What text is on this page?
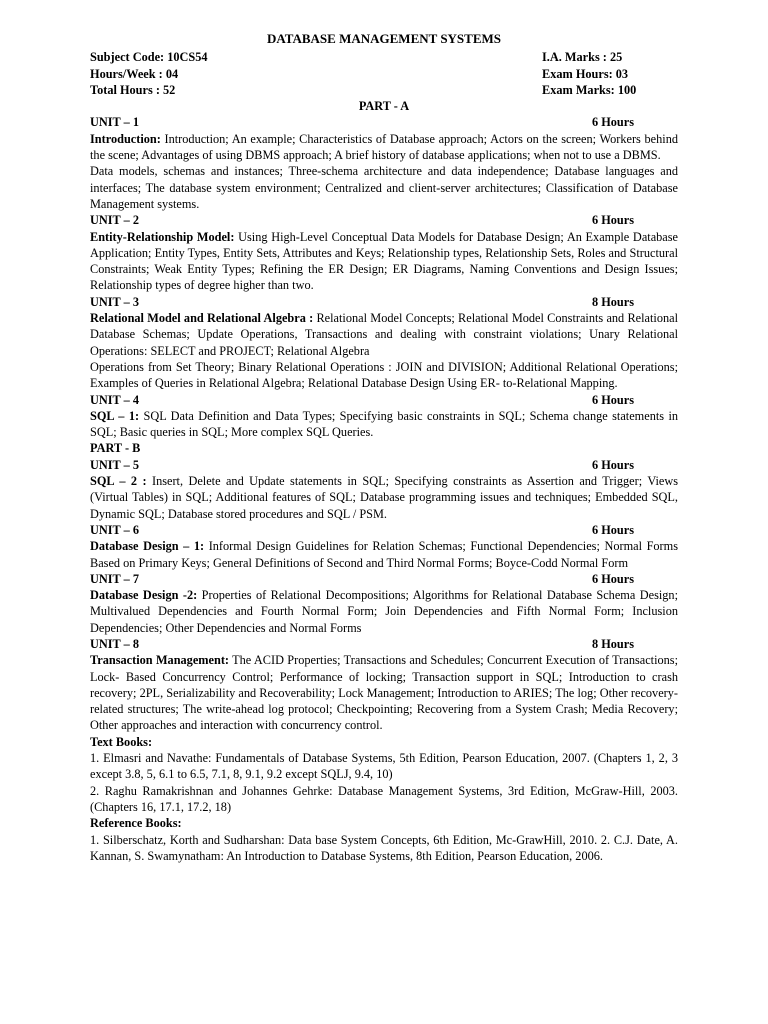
DATABASE MANAGEMENT SYSTEMS
Subject Code: 10CS54	I.A. Marks : 25
Hours/Week : 04	Exam Hours: 03
Total Hours : 52	Exam Marks: 100
PART - A
UNIT – 1	6 Hours

Introduction: Introduction; An example; Characteristics of Database approach; Actors on the screen; Workers behind the scene; Advantages of using DBMS approach; A brief history of database applications; when not to use a DBMS.

Data models, schemas and instances; Three-schema architecture and data independence; Database languages and interfaces; The database system environment; Centralized and client-server architectures; Classification of Database Management systems.

UNIT – 2	6 Hours

Entity-Relationship Model: Using High-Level Conceptual Data Models for Database Design; An Example Database Application; Entity Types, Entity Sets, Attributes and Keys; Relationship types, Relationship Sets, Roles and Structural Constraints; Weak Entity Types; Refining the ER Design; ER Diagrams, Naming Conventions and Design Issues; Relationship types of degree higher than two.

UNIT – 3	8 Hours

Relational Model and Relational Algebra : Relational Model Concepts; Relational Model Constraints and Relational Database Schemas; Update Operations, Transactions and dealing with constraint violations; Unary Relational Operations: SELECT and PROJECT; Relational Algebra

Operations from Set Theory; Binary Relational Operations : JOIN and DIVISION; Additional Relational Operations; Examples of Queries in Relational Algebra; Relational Database Design Using ER- to-Relational Mapping.

UNIT – 4	6 Hours

SQL – 1: SQL Data Definition and Data Types; Specifying basic constraints in SQL; Schema change statements in SQL; Basic queries in SQL; More complex SQL Queries.

PART - B
UNIT – 5	6 Hours

SQL – 2 : Insert, Delete and Update statements in SQL; Specifying constraints as Assertion and Trigger; Views (Virtual Tables) in SQL; Additional features of SQL; Database programming issues and techniques; Embedded SQL, Dynamic SQL; Database stored procedures and SQL / PSM.

UNIT – 6	6 Hours

Database Design – 1: Informal Design Guidelines for Relation Schemas; Functional Dependencies; Normal Forms Based on Primary Keys; General Definitions of Second and Third Normal Forms; Boyce-Codd Normal Form

UNIT – 7	6 Hours

Database Design -2: Properties of Relational Decompositions; Algorithms for Relational Database Schema Design; Multivalued Dependencies and Fourth Normal Form; Join Dependencies and Fifth Normal Form; Inclusion Dependencies; Other Dependencies and Normal Forms

UNIT – 8	8 Hours

Transaction Management: The ACID Properties; Transactions and Schedules; Concurrent Execution of Transactions; Lock- Based Concurrency Control; Performance of locking; Transaction support in SQL; Introduction to crash recovery; 2PL, Serializability and Recoverability; Lock Management; Introduction to ARIES; The log; Other recovery-related structures; The write-ahead log protocol; Checkpointing; Recovering from a System Crash; Media Recovery; Other approaches and interaction with concurrency control.

Text Books:

1. Elmasri and Navathe: Fundamentals of Database Systems, 5th Edition, Pearson Education, 2007. (Chapters 1, 2, 3 except 3.8, 5, 6.1 to 6.5, 7.1, 8, 9.1, 9.2 except SQLJ, 9.4, 10)

2. Raghu Ramakrishnan and Johannes Gehrke: Database Management Systems, 3rd Edition, McGraw-Hill, 2003. (Chapters 16, 17.1, 17.2, 18)

Reference Books:

1. Silberschatz, Korth and Sudharshan: Data base System Concepts, 6th Edition, Mc-GrawHill, 2010. 2. C.J. Date, A. Kannan, S. Swamynatham: An Introduction to Database Systems, 8th Edition, Pearson Education, 2006.
